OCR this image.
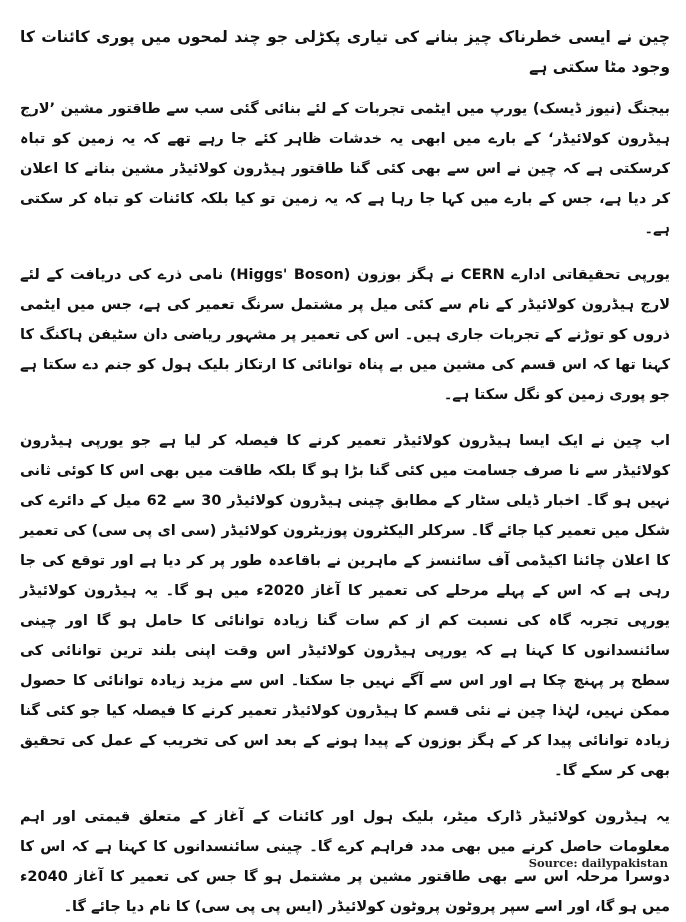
چین نے ایسی خطرناک چیز بنانے کی تیاری پکڑلی جو چند لمحوں میں پوری کائنات کا وجود مٹا سکتی ہے
بیجنگ (نیوز ڈیسک) یورپ میں ایٹمی تجربات کے لئے بنائی گئی سب سے طاقتور مشین ’لارج ہیڈرون کولائیڈر‘ کے بارے میں ابھی یہ خدشات ظاہر کئے جا رہے تھے کہ یہ زمین کو تباہ کرسکتی ہے کہ چین نے اس سے بھی کئی گنا طاقتور ہیڈرون کولائیڈر مشین بنانے کا اعلان کر دیا ہے، جس کے بارے میں کہا جا رہا ہے کہ یہ زمین تو کیا بلکہ کائنات کو تباہ کر سکتی ہے۔
یورپی تحقیقاتی ادارے CERN نے ہگز بوزون (Higgs' Boson) نامی ذرے کی دریافت کے لئے لارج ہیڈرون کولائیڈر کے نام سے کئی میل پر مشتمل سرنگ تعمیر کی ہے، جس میں ایٹمی ذروں کو توڑنے کے تجربات جاری ہیں۔ اس کی تعمیر پر مشہور ریاضی دان سٹیفن ہاکنگ کا کہنا تھا کہ اس قسم کی مشین میں بے پناہ توانائی کا ارتکاز بلیک ہول کو جنم دے سکتا ہے جو پوری زمین کو نگل سکتا ہے۔
اب چین نے ایک ایسا ہیڈرون کولائیڈر تعمیر کرنے کا فیصلہ کر لیا ہے جو یورپی ہیڈرون کولائیڈر سے نا صرف جسامت میں کئی گنا بڑا ہو گا بلکہ طاقت میں بھی اس کا کوئی ثانی نہیں ہو گا۔ اخبار ڈیلی سٹار کے مطابق چینی ہیڈرون کولائیڈر 30 سے 62 میل کے دائرے کی شکل میں تعمیر کیا جائے گا۔ سرکلر الیکٹرون پوزیٹرون کولائیڈر (سی ای پی سی) کی تعمیر کا اعلان چائنا اکیڈمی آف سائنسز کے ماہرین نے باقاعدہ طور پر کر دیا ہے اور توقع کی جا رہی ہے کہ اس کے پہلے مرحلے کی تعمیر کا آغاز 2020ء میں ہو گا۔ یہ ہیڈرون کولائیڈر یورپی تجربہ گاہ کی نسبت کم از کم سات گنا زیادہ توانائی کا حامل ہو گا اور چینی سائنسدانوں کا کہنا ہے کہ یورپی ہیڈرون کولائیڈر اس وقت اپنی بلند ترین توانائی کی سطح پر پہنچ چکا ہے اور اس سے آگے نہیں جا سکتا۔ اس سے مزید زیادہ توانائی کا حصول ممکن نہیں، لہٰذا چین نے نئی قسم کا ہیڈرون کولائیڈر تعمیر کرنے کا فیصلہ کیا جو کئی گنا زیادہ توانائی پیدا کر کے ہگز بوزون کے پیدا ہونے کے بعد اس کی تخریب کے عمل کی تحقیق بھی کر سکے گا۔
یہ ہیڈرون کولائیڈر ڈارک میٹر، بلیک ہول اور کائنات کے آغاز کے متعلق قیمتی اور اہم معلومات حاصل کرنے میں بھی مدد فراہم کرے گا۔ چینی سائنسدانوں کا کہنا ہے کہ اس کا دوسرا مرحلہ اس سے بھی طاقتور مشین پر مشتمل ہو گا جس کی تعمیر کا آغاز 2040ء میں ہو گا، اور اسے سپر پروٹون پروٹون کولائیڈر (ایس پی پی سی) کا نام دیا جائے گا۔
Source: dailypakistan
